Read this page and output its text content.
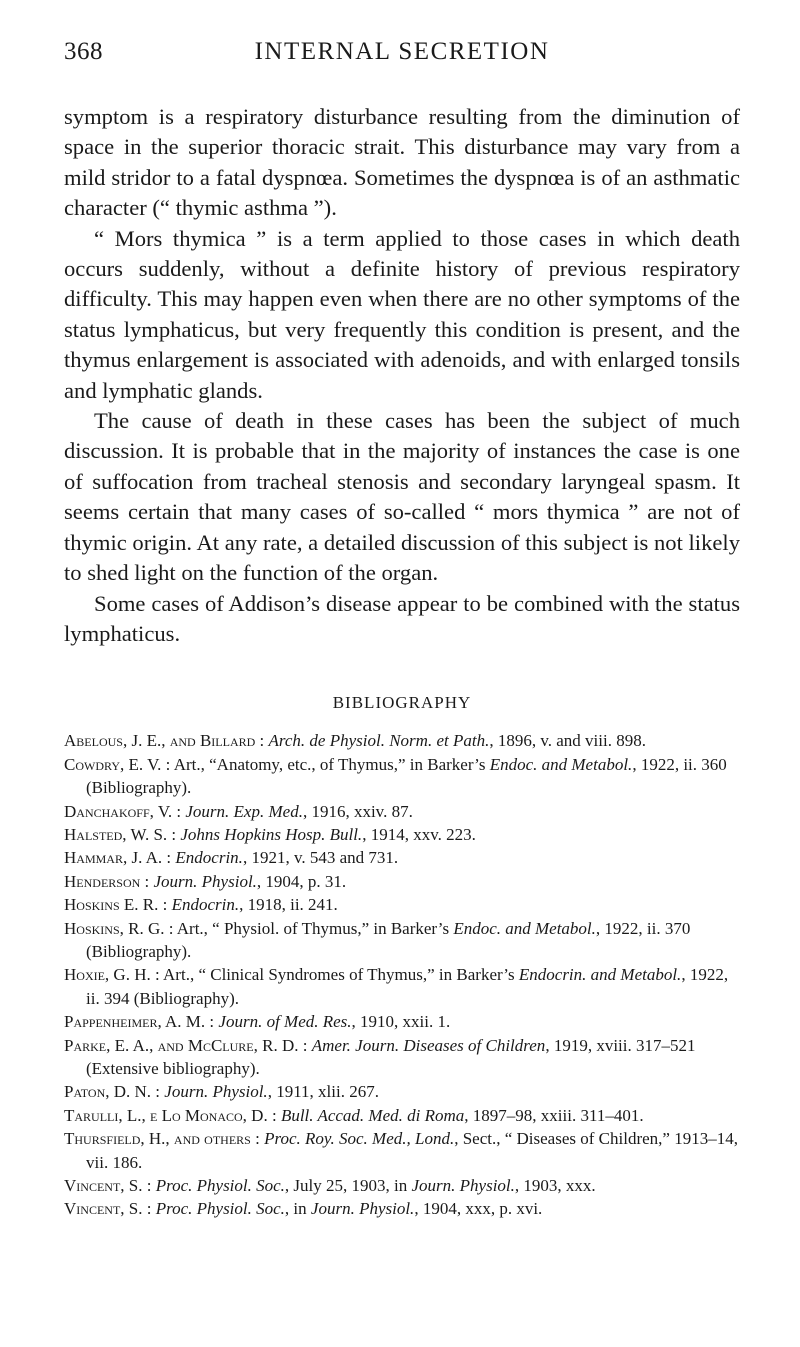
368	INTERNAL SECRETION

symptom is a respiratory disturbance resulting from the diminution of space in the superior thoracic strait. This disturbance may vary from a mild stridor to a fatal dyspnœa. Sometimes the dyspnœa is of an asthmatic character (“ thymic asthma ”).

“ Mors thymica ” is a term applied to those cases in which death occurs suddenly, without a definite history of previous respiratory difficulty. This may happen even when there are no other symptoms of the status lymphaticus, but very frequently this condition is present, and the thymus enlargement is associated with adenoids, and with enlarged tonsils and lymphatic glands.

The cause of death in these cases has been the subject of much discussion. It is probable that in the majority of instances the case is one of suffocation from tracheal stenosis and secondary laryngeal spasm. It seems certain that many cases of so-called “ mors thymica ” are not of thymic origin. At any rate, a detailed discussion of this subject is not likely to shed light on the function of the organ.

Some cases of Addison’s disease appear to be combined with the status lymphaticus.

BIBLIOGRAPHY

Abelous, J. E., and Billard : Arch. de Physiol. Norm. et Path., 1896, v. and viii. 898.

Cowdry, E. V. : Art., “Anatomy, etc., of Thymus,” in Barker’s Endoc. and Metabol., 1922, ii. 360 (Bibliography).

Danchakoff, V. : Journ. Exp. Med., 1916, xxiv. 87.

Halsted, W. S. : Johns Hopkins Hosp. Bull., 1914, xxv. 223.

Hammar, J. A. : Endocrin., 1921, v. 543 and 731.

Henderson : Journ. Physiol., 1904, p. 31.

Hoskins E. R. : Endocrin., 1918, ii. 241.

Hoskins, R. G. : Art., “ Physiol. of Thymus,” in Barker’s Endoc. and Metabol., 1922, ii. 370 (Bibliography).

Hoxie, G. H. : Art., “ Clinical Syndromes of Thymus,” in Barker’s Endocrin. and Metabol., 1922, ii. 394 (Bibliography).

Pappenheimer, A. M. : Journ. of Med. Res., 1910, xxii. 1.

Parke, E. A., and McClure, R. D. : Amer. Journ. Diseases of Children, 1919, xviii. 317–521 (Extensive bibliography).

Paton, D. N. : Journ. Physiol., 1911, xlii. 267.

Tarulli, L., e Lo Monaco, D. : Bull. Accad. Med. di Roma, 1897–98, xxiii. 311–401.

Thursfield, H., and others : Proc. Roy. Soc. Med., Lond., Sect., “ Diseases of Children,” 1913–14, vii. 186.

Vincent, S. : Proc. Physiol. Soc., July 25, 1903, in Journ. Physiol., 1903, xxx.

Vincent, S. : Proc. Physiol. Soc., in Journ. Physiol., 1904, xxx, p. xvi.
